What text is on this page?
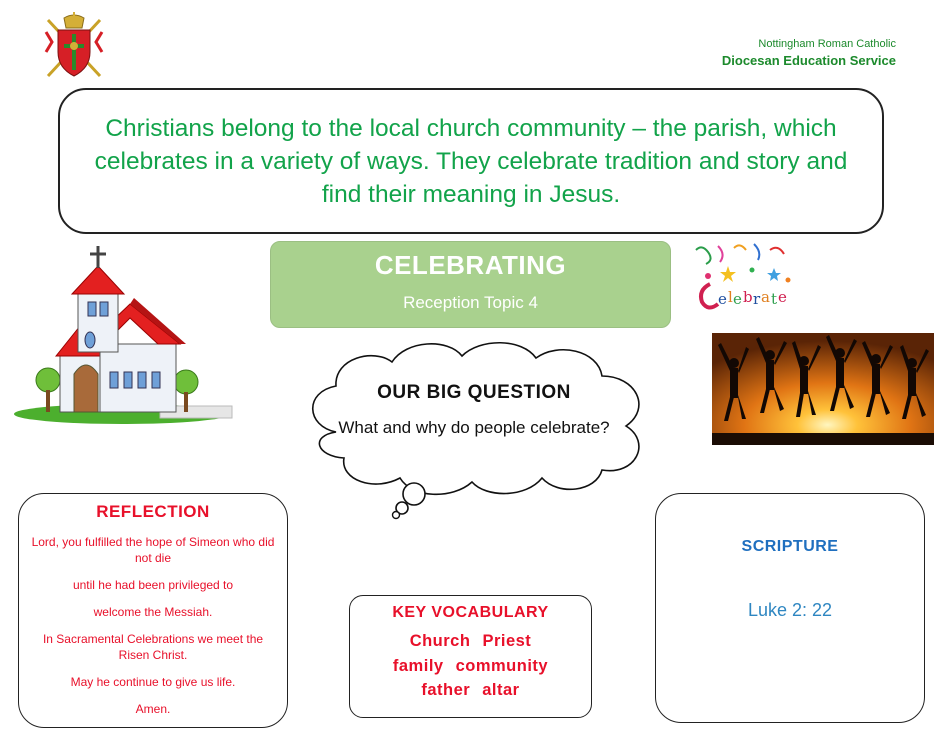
Nottingham Roman Catholic
Diocesan Education Service
Christians belong to the local church community – the parish, which celebrates in a variety of ways. They celebrate tradition and story and find their meaning in Jesus.
CELEBRATING
Reception Topic 4	e l e b r a t e
OUR BIG QUESTION
What and why do people celebrate?
REFLECTION
Lord, you fulfilled the hope of Simeon who did not die
until he had been privileged to
welcome the Messiah.
In Sacramental Celebrations we meet the Risen Christ.
May he continue to give us life.
Amen.
KEY VOCABULARY
Church Priest
family community
father altar
SCRIPTURE
Luke 2: 22
